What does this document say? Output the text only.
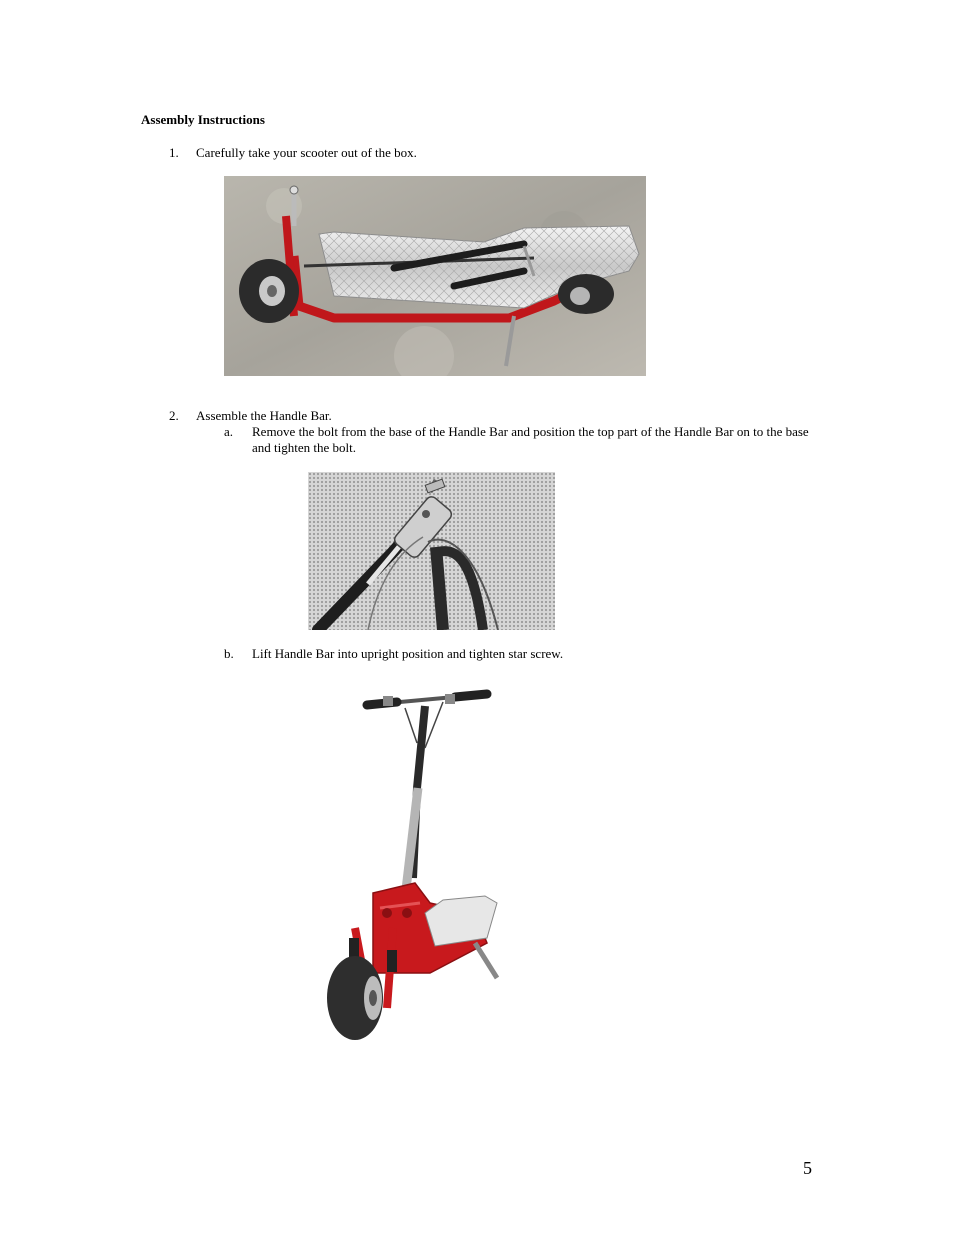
Assembly Instructions
1. Carefully take your scooter out of the box.
2. Assemble the Handle Bar.
a. Remove the bolt from the base of the Handle Bar and position the top part of the Handle Bar on to the base and tighten the bolt.
b. Lift Handle Bar into upright position and tighten star screw.
5
